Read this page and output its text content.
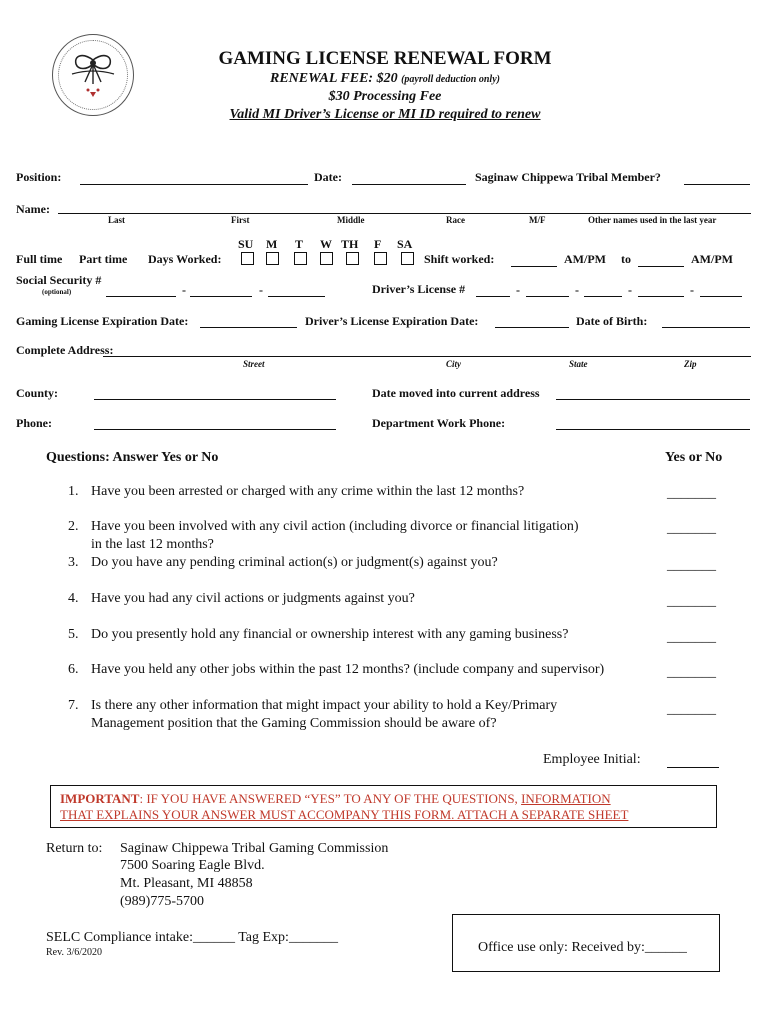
GAMING LICENSE RENEWAL FORM
RENEWAL FEE: $20 (payroll deduction only)
$30 Processing Fee
Valid MI Driver’s License or MI ID required to renew
Position:	Date:	Saginaw Chippewa Tribal Member?
Name:
Last	First	Middle	Race	M/F	Other names used in the last year
SU M T W TH F SA
Full time Part time Days Worked:	Shift worked:	AM/PM to	AM/PM
Social Security #
(optional)	-	-	Driver’s License #	-	-	-	-
Gaming License Expiration Date:	Driver’s License Expiration Date:	Date of Birth:
Complete Address:
Street	City	State	Zip
County:	Date moved into current address
Phone:	Department Work Phone:
Questions: Answer Yes or No	Yes or No
1. Have you been arrested or charged with any crime within the last 12 months?	_______
2. Have you been involved with any civil action (including divorce or financial litigation)
in the last 12 months?
_______
3. Do you have any pending criminal action(s) or judgment(s) against you?	_______
4. Have you had any civil actions or judgments against you?	_______
5. Do you presently hold any financial or ownership interest with any gaming business?	_______
6. Have you held any other jobs within the past 12 months? (include company and supervisor)	_______
7. Is there any other information that might impact your ability to hold a Key/Primary
Management position that the Gaming Commission should be aware of?
_______
Employee Initial:
IMPORTANT: IF YOU HAVE ANSWERED “YES” TO ANY OF THE QUESTIONS, INFORMATION
THAT EXPLAINS YOUR ANSWER MUST ACCOMPANY THIS FORM. ATTACH A SEPARATE SHEET
Return to: Saginaw Chippewa Tribal Gaming Commission
7500 Soaring Eagle Blvd.
Mt. Pleasant, MI 48858
(989)775-5700
SELC Compliance intake:______ Tag Exp:_______
Rev. 3/6/2020	Office use only: Received by:______
